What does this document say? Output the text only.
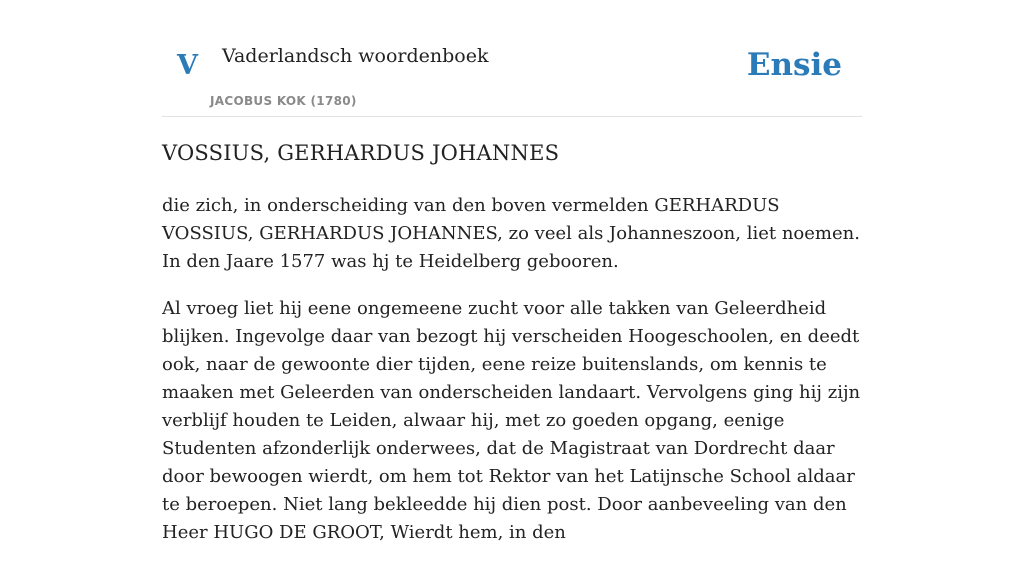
V Vaderlandsch woordenboek
JACOBUS KOK (1780)
Ensie
VOSSIUS, GERHARDUS JOHANNES

die zich, in onderscheiding van den boven vermelden GERHARDUS VOSSIUS, GERHARDUS JOHANNES, zo veel als Johanneszoon, liet noemen. In den Jaare 1577 was hj te Heidelberg gebooren.

Al vroeg liet hij eene ongemeene zucht voor alle takken van Geleerdheid blijken. Ingevolge daar van bezogt hij verscheiden Hoogeschoolen, en deedt ook, naar de gewoonte dier tijden, eene reize buitenslands, om kennis te maaken met Geleerden van onderscheiden landaart. Vervolgens ging hij zijn verblijf houden te Leiden, alwaar hij, met zo goeden opgang, eenige Studenten afzonderlijk onderwees, dat de Magistraat van Dordrecht daar door bewoogen wierdt, om hem tot Rektor van het Latijnsche School aldaar te beroepen. Niet lang bekleedde hij dien post. Door aanbeveeling van den Heer HUGO DE GROOT, Wierdt hem, in den
